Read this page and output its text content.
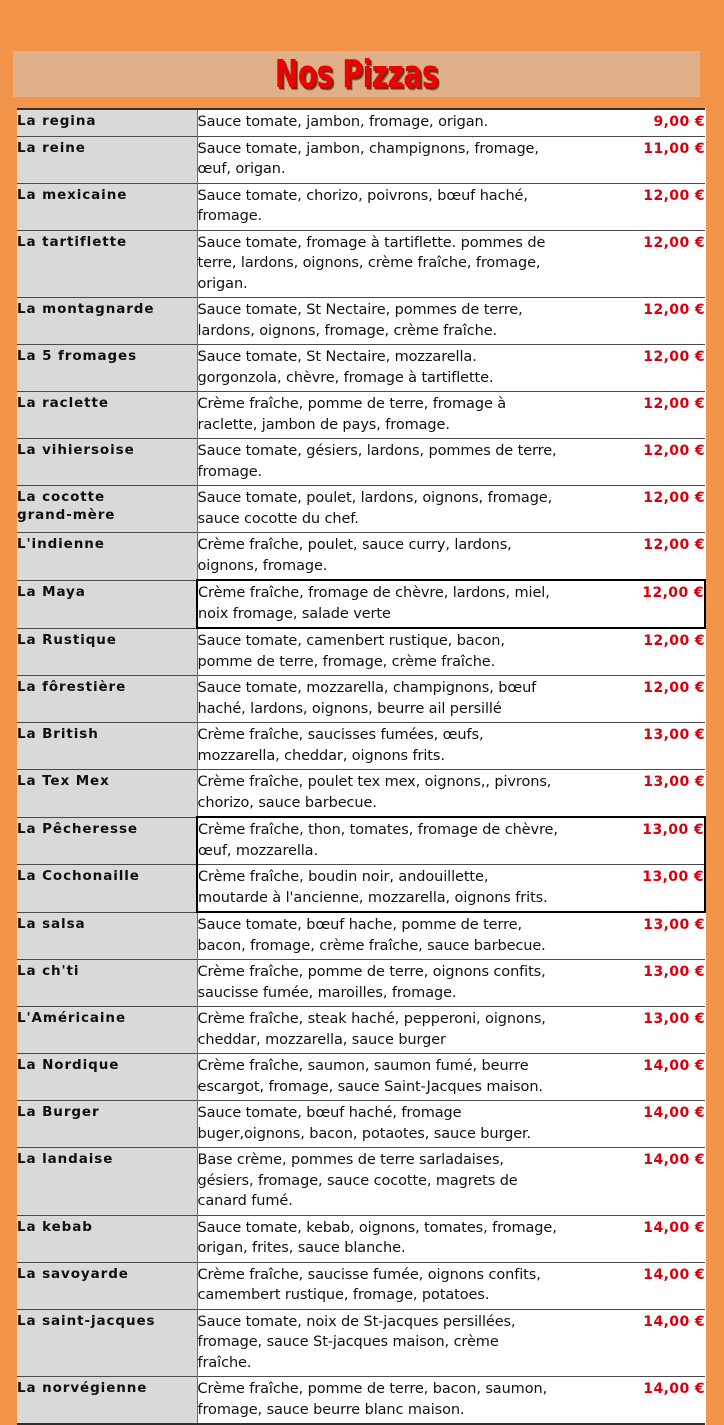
Nos Pizzas
La regina	Sauce tomate, jambon, fromage, origan.	9,00 €

La reine	Sauce tomate, jambon, champignons, fromage,
œuf, origan.	11,00 €

La mexicaine	Sauce tomate, chorizo, poivrons, bœuf haché,
fromage.	12,00 €

La tartiflette	Sauce tomate, fromage à tartiflette. pommes de
terre, lardons, oignons, crème fraîche, fromage,
origan.	12,00 €

La montagnarde	Sauce tomate, St Nectaire, pommes de terre,
lardons, oignons, fromage, crème fraîche.	12,00 €

La 5 fromages	Sauce tomate, St Nectaire, mozzarella.
gorgonzola, chèvre, fromage à tartiflette.	12,00 €

La raclette	Crème fraîche, pomme de terre, fromage à
raclette, jambon de pays, fromage.	12,00 €

La vihiersoise	Sauce tomate, gésiers, lardons, pommes de terre,
fromage.	12,00 €

La cocotte
grand-mère	Sauce tomate, poulet, lardons, oignons, fromage,
sauce cocotte du chef.	12,00 €

L'indienne	Crème fraîche, poulet, sauce curry, lardons,
oignons, fromage.	12,00 €

La Maya	Crème fraîche, fromage de chèvre, lardons, miel,
noix fromage, salade verte	12,00 €

La Rustique	Sauce tomate, camenbert rustique, bacon,
pomme de terre, fromage, crème fraîche.	12,00 €

La fôrestière	Sauce tomate, mozzarella, champignons, bœuf
haché, lardons, oignons, beurre ail persillé	12,00 €

La British	Crème fraîche, saucisses fumées, œufs,
mozzarella, cheddar, oignons frits.	13,00 €

La Tex Mex	Crème fraîche, poulet tex mex, oignons,, pivrons,
chorizo, sauce barbecue.	13,00 €

La Pêcheresse	Crème fraîche, thon, tomates, fromage de chèvre,
œuf, mozzarella.	13,00 €

La Cochonaille	Crème fraîche, boudin noir, andouillette,
moutarde à l'ancienne, mozzarella, oignons frits.	13,00 €

La salsa	Sauce tomate, bœuf hache, pomme de terre,
bacon, fromage, crème fraîche, sauce barbecue.	13,00 €

La ch'ti	Crème fraîche, pomme de terre, oignons confits,
saucisse fumée, maroilles, fromage.	13,00 €

L'Américaine	Crème fraîche, steak haché, pepperoni, oignons,
cheddar, mozzarella, sauce burger	13,00 €

La Nordique	Crème fraîche, saumon, saumon fumé, beurre
escargot, fromage, sauce Saint-Jacques maison.	14,00 €

La Burger	Sauce tomate, bœuf haché, fromage
buger,oignons, bacon, potaotes, sauce burger.	14,00 €

La landaise	Base crème, pommes de terre sarladaises,
gésiers, fromage, sauce cocotte, magrets de
canard fumé.	14,00 €

La kebab	Sauce tomate, kebab, oignons, tomates, fromage,
origan, frites, sauce blanche.	14,00 €

La savoyarde	Crème fraîche, saucisse fumée, oignons confits,
camembert rustique, fromage, potatoes.	14,00 €

La saint-jacques	Sauce tomate, noix de St-jacques persillées,
fromage, sauce St-jacques maison, crème
fraîche.	14,00 €

La norvégienne	Crème fraîche, pomme de terre, bacon, saumon,
fromage, sauce beurre blanc maison.	14,00 €
